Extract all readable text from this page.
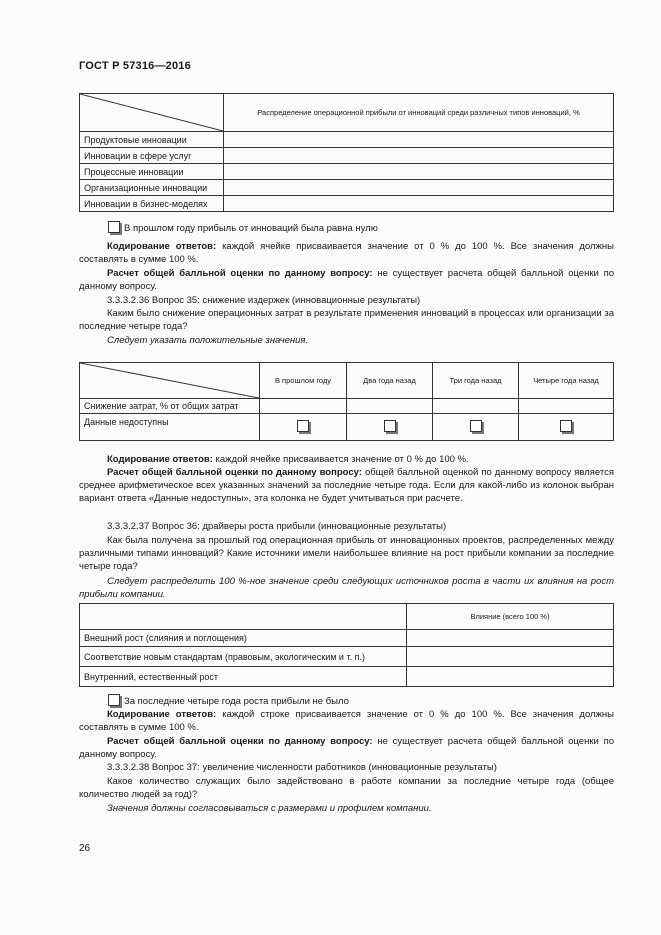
ГОСТ Р 57316—2016
	Распределение операционной прибыли от инноваций среди различных типов инноваций, %
Продуктовые инновации	
Инновации в сфере услуг	
Процессные инновации	
Организационные инновации	
Инновации в бизнес-моделях	
В прошлом году прибыль от инноваций была равна нулю
Кодирование ответов: каждой ячейке присваивается значение от 0 % до 100 %. Все значения должны составлять в сумме 100 %.
Расчет общей балльной оценки по данному вопросу: не существует расчета общей балльной оценки по данному вопросу.
3.3.3.2.36 Вопрос 35: снижение издержек (инновационные результаты)
Каким было снижение операционных затрат в результате применения инноваций в процессах или организации за последние четыре года?
Следует указать положительные значения.
	В прошлом году	Два года назад	Три года назад	Четыре года назад
Снижение затрат, % от общих затрат				
Данные недоступны				
Кодирование ответов: каждой ячейке присваивается значение от 0 % до 100 %.
Расчет общей балльной оценки по данному вопросу: общей балльной оценкой по данному вопросу является среднее арифметическое всех указанных значений за последние четыре года. Если для какой-либо из колонок выбран вариант ответа «Данные недоступны», эта колонка не будет учитываться при расчете.
3.3.3.2.37 Вопрос 36: драйверы роста прибыли (инновационные результаты)
Как была получена за прошлый год операционная прибыль от инновационных проектов, распределенных между различными типами инноваций? Какие источники имели наибольшее влияние на рост прибыли компании за последние четыре года?
Следует распределить 100 %-ное значение среди следующих источников роста в части их влияния на рост прибыли компании.
	Влияние (всего 100 %)
Внешний рост (слияния и поглощения)	
Соответствие новым стандартам (правовым, экологическим и т. п.)	
Внутренний, естественный рост	
За последние четыре года роста прибыли не было
Кодирование ответов: каждой строке присваивается значение от 0 % до 100 %. Все значения должны составлять в сумме 100 %.
Расчет общей балльной оценки по данному вопросу: не существует расчета общей балльной оценки по данному вопросу.
3.3.3.2.38 Вопрос 37: увеличение численности работников (инновационные результаты)
Какое количество служащих было задействовано в работе компании за последние четыре года (общее количество людей за год)?
Значения должны согласовываться с размерами и профилем компании.
26
